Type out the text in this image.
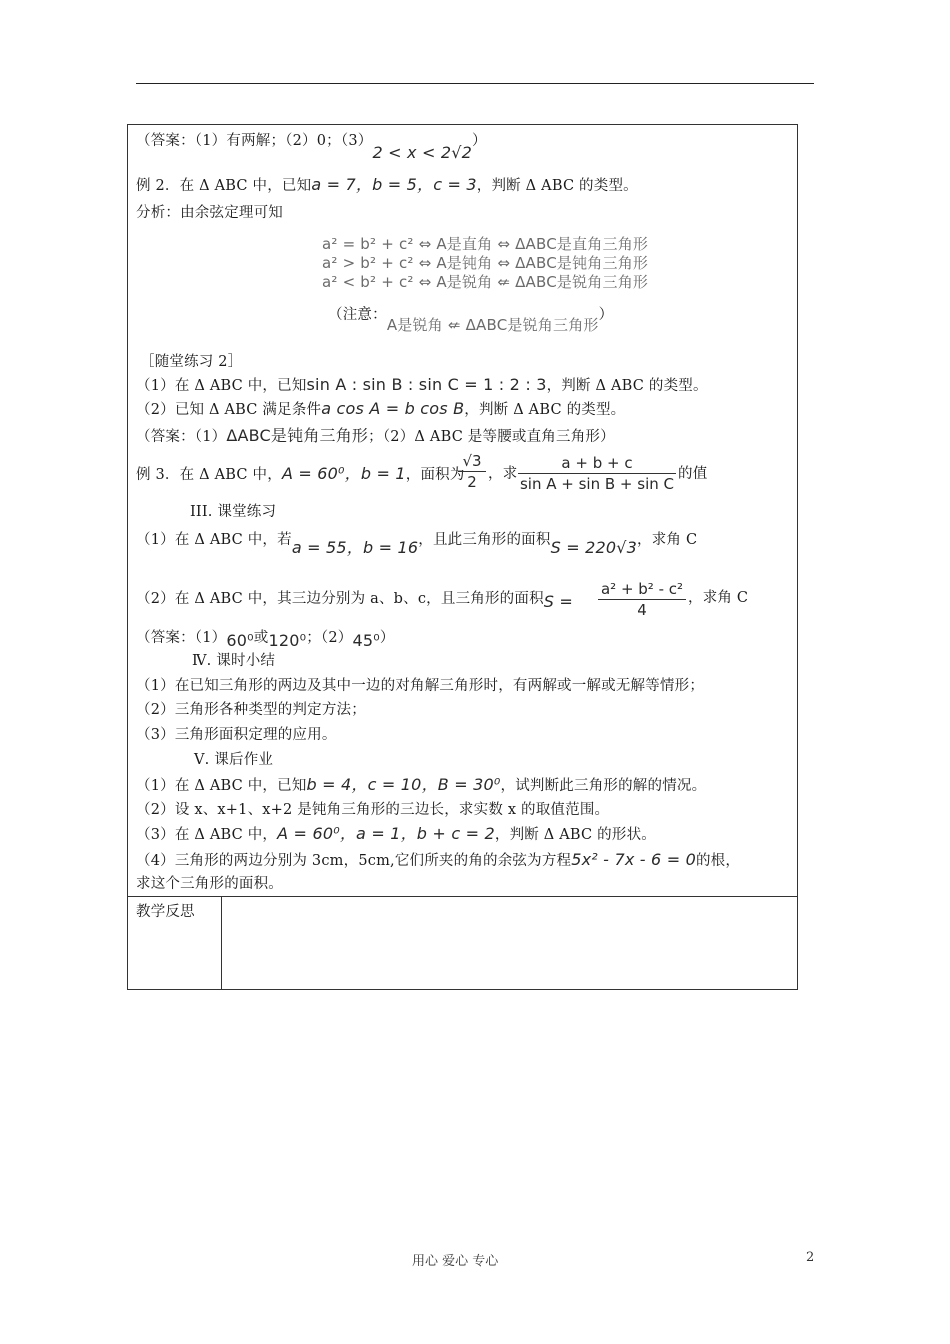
（答案：（1）有两解；（2）0；（3）2 < x < 2√2）
例 2．在 Δ ABC 中，已知a = 7，b = 5，c = 3，判断 Δ ABC 的类型。
分析：由余弦定理可知
a² = b² + c² ⇔ A是直角 ⇔ ΔABC是直角三角形
a² > b² + c² ⇔ A是钝角 ⇔ ΔABC是钝角三角形
a² < b² + c² ⇔ A是锐角 ⇍ ΔABC是锐角三角形
（注意：A是锐角 ⇍ ΔABC是锐角三角形）
［随堂练习 2］
（1）在 Δ ABC 中，已知sin A : sin B : sin C = 1 : 2 : 3，判断 Δ ABC 的类型。
（2）已知 Δ ABC 满足条件a cos A = b cos B，判断 Δ ABC 的类型。
（答案：（1）ΔABC是钝角三角形；（2）Δ ABC 是等腰或直角三角形）
例 3．在 Δ ABC 中，A = 60⁰，b = 1，面积为
$\frac{√3}{2}$ ，求 $\frac{a + b + c}{\text{sin A + sin B + sin C}}$ 的值
III. 课堂练习
（1）在 Δ ABC 中，若a = 55，b = 16，且此三角形的面积S = 220√3，求角 C
（2）在 Δ ABC 中，其三边分别为 a、b、c，且三角形的面积$S = \frac{\text{a² + b² - c²}}{4}$ ，求角 C
（答案：（1）60⁰或120⁰；（2）45⁰）
Ⅳ. 课时小结
（1）在已知三角形的两边及其中一边的对角解三角形时，有两解或一解或无解等情形；
（2）三角形各种类型的判定方法；
（3）三角形面积定理的应用。
Ⅴ. 课后作业
（1）在 Δ ABC 中，已知b = 4，c = 10，B = 30⁰，试判断此三角形的解的情况。
（2）设 x、x+1、x+2 是钝角三角形的三边长，求实数 x 的取值范围。
（3）在 Δ ABC 中，A = 60⁰，a = 1，b + c = 2，判断 Δ ABC 的形状。
（4）三角形的两边分别为 3cm，5cm,它们所夹的角的余弦为方程5x² - 7x - 6 = 0的根，
求这个三角形的面积。
教学反思
用心 爱心 专心	2
